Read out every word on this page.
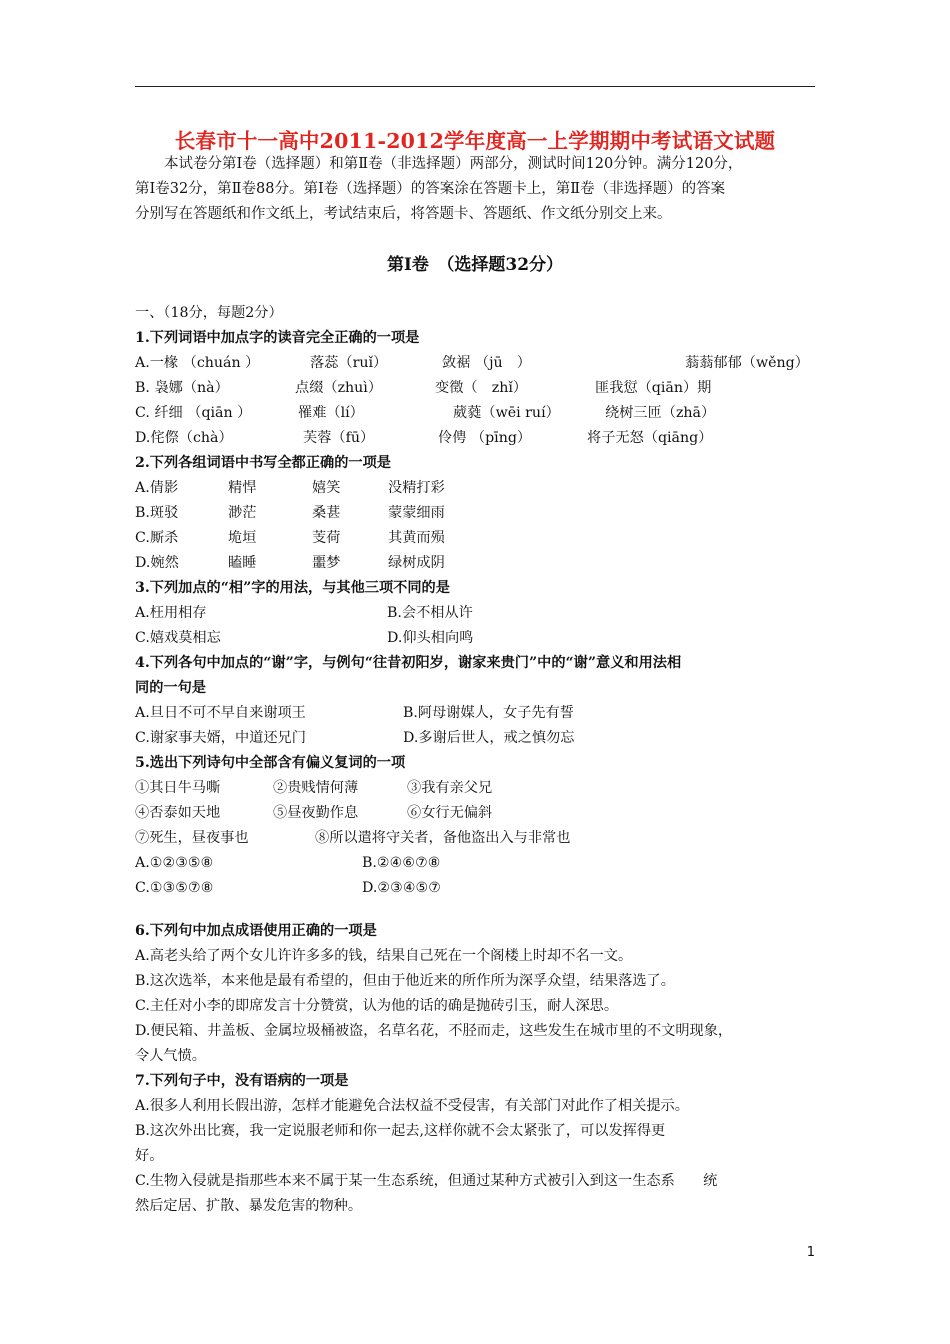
长春市十一高中2011-2012学年度高一上学期期中考试语文试题
　　本试卷分第Ⅰ卷（选择题）和第Ⅱ卷（非选择题）两部分，测试时间120分钟。满分120分，
第Ⅰ卷32分，第Ⅱ卷88分。第Ⅰ卷（选择题）的答案涂在答题卡上，第Ⅱ卷（非选择题）的答案
分别写在答题纸和作文纸上，考试结束后，将答题卡、答题纸、作文纸分别交上来。
第Ⅰ卷　（选择题32分）
一、（18分，每题2分）
1.下列词语中加点字的读音完全正确的一项是
A.一椽 （chuán ）	落蕊（ruǐ）	敛裾 （jū　）	蓊蓊郁郁（wěng）
B. 袅娜（nà）	点缀（zhuì）	变徵（　zhǐ）	匪我愆（qiān）期
C. 纤细 （qiān ）	罹难（lí）	葳蕤（wēi ruí）	绕树三匝（zhā）
D.侘傺（chà）	芙蓉（fū）	伶俜 （pīng）	将子无怒（qiāng）
2.下列各组词语中书写全都正确的一项是
A.倩影	精悍	嬉笑	没精打彩
B.斑驳	渺茫	桑葚	蒙蒙细雨
C.厮杀	垝垣	芰荷	其黄而殒
D.婉然	瞌睡	噩梦	绿树成阴
3.下列加点的“相”字的用法，与其他三项不同的是
A.枉用相存	B.会不相从许
C.嬉戏莫相忘	D.仰头相向鸣
4.下列各句中加点的“谢”字，与例句“往昔初阳岁，谢家来贵门”中的“谢”意义和用法相
同的一句是
A.旦日不可不早自来谢项王	B.阿母谢媒人，女子先有誓
C.谢家事夫婿，中道还兄门	D.多谢后世人，戒之慎勿忘
5.选出下列诗句中全部含有偏义复词的一项
①其日牛马嘶	②贵贱情何薄	③我有亲父兄
④否泰如天地	⑤昼夜勤作息	⑥女行无偏斜
⑦死生，昼夜事也	⑧所以遣将守关者，备他盗出入与非常也
A.①②③⑤⑧	B.②④⑥⑦⑧
C.①③⑤⑦⑧	D.②③④⑤⑦
6.下列句中加点成语使用正确的一项是
A.高老头给了两个女儿许许多多的钱，结果自己死在一个阁楼上时却不名一文。
B.这次选举，本来他是最有希望的，但由于他近来的所作所为深孚众望，结果落选了。
C.主任对小李的即席发言十分赞赏，认为他的话的确是抛砖引玉，耐人深思。
D.便民箱、井盖板、金属垃圾桶被盗，名草名花，不胫而走，这些发生在城市里的不文明现象，
令人气愤。
7.下列句子中，没有语病的一项是
A.很多人利用长假出游，怎样才能避免合法权益不受侵害，有关部门对此作了相关提示。
B.这次外出比赛，我一定说服老师和你一起去,这样你就不会太紧张了，可以发挥得更
好。
C.生物入侵就是指那些本来不属于某一生态系统，但通过某种方式被引入到这一生态系　　统
然后定居、扩散、暴发危害的物种。
1
